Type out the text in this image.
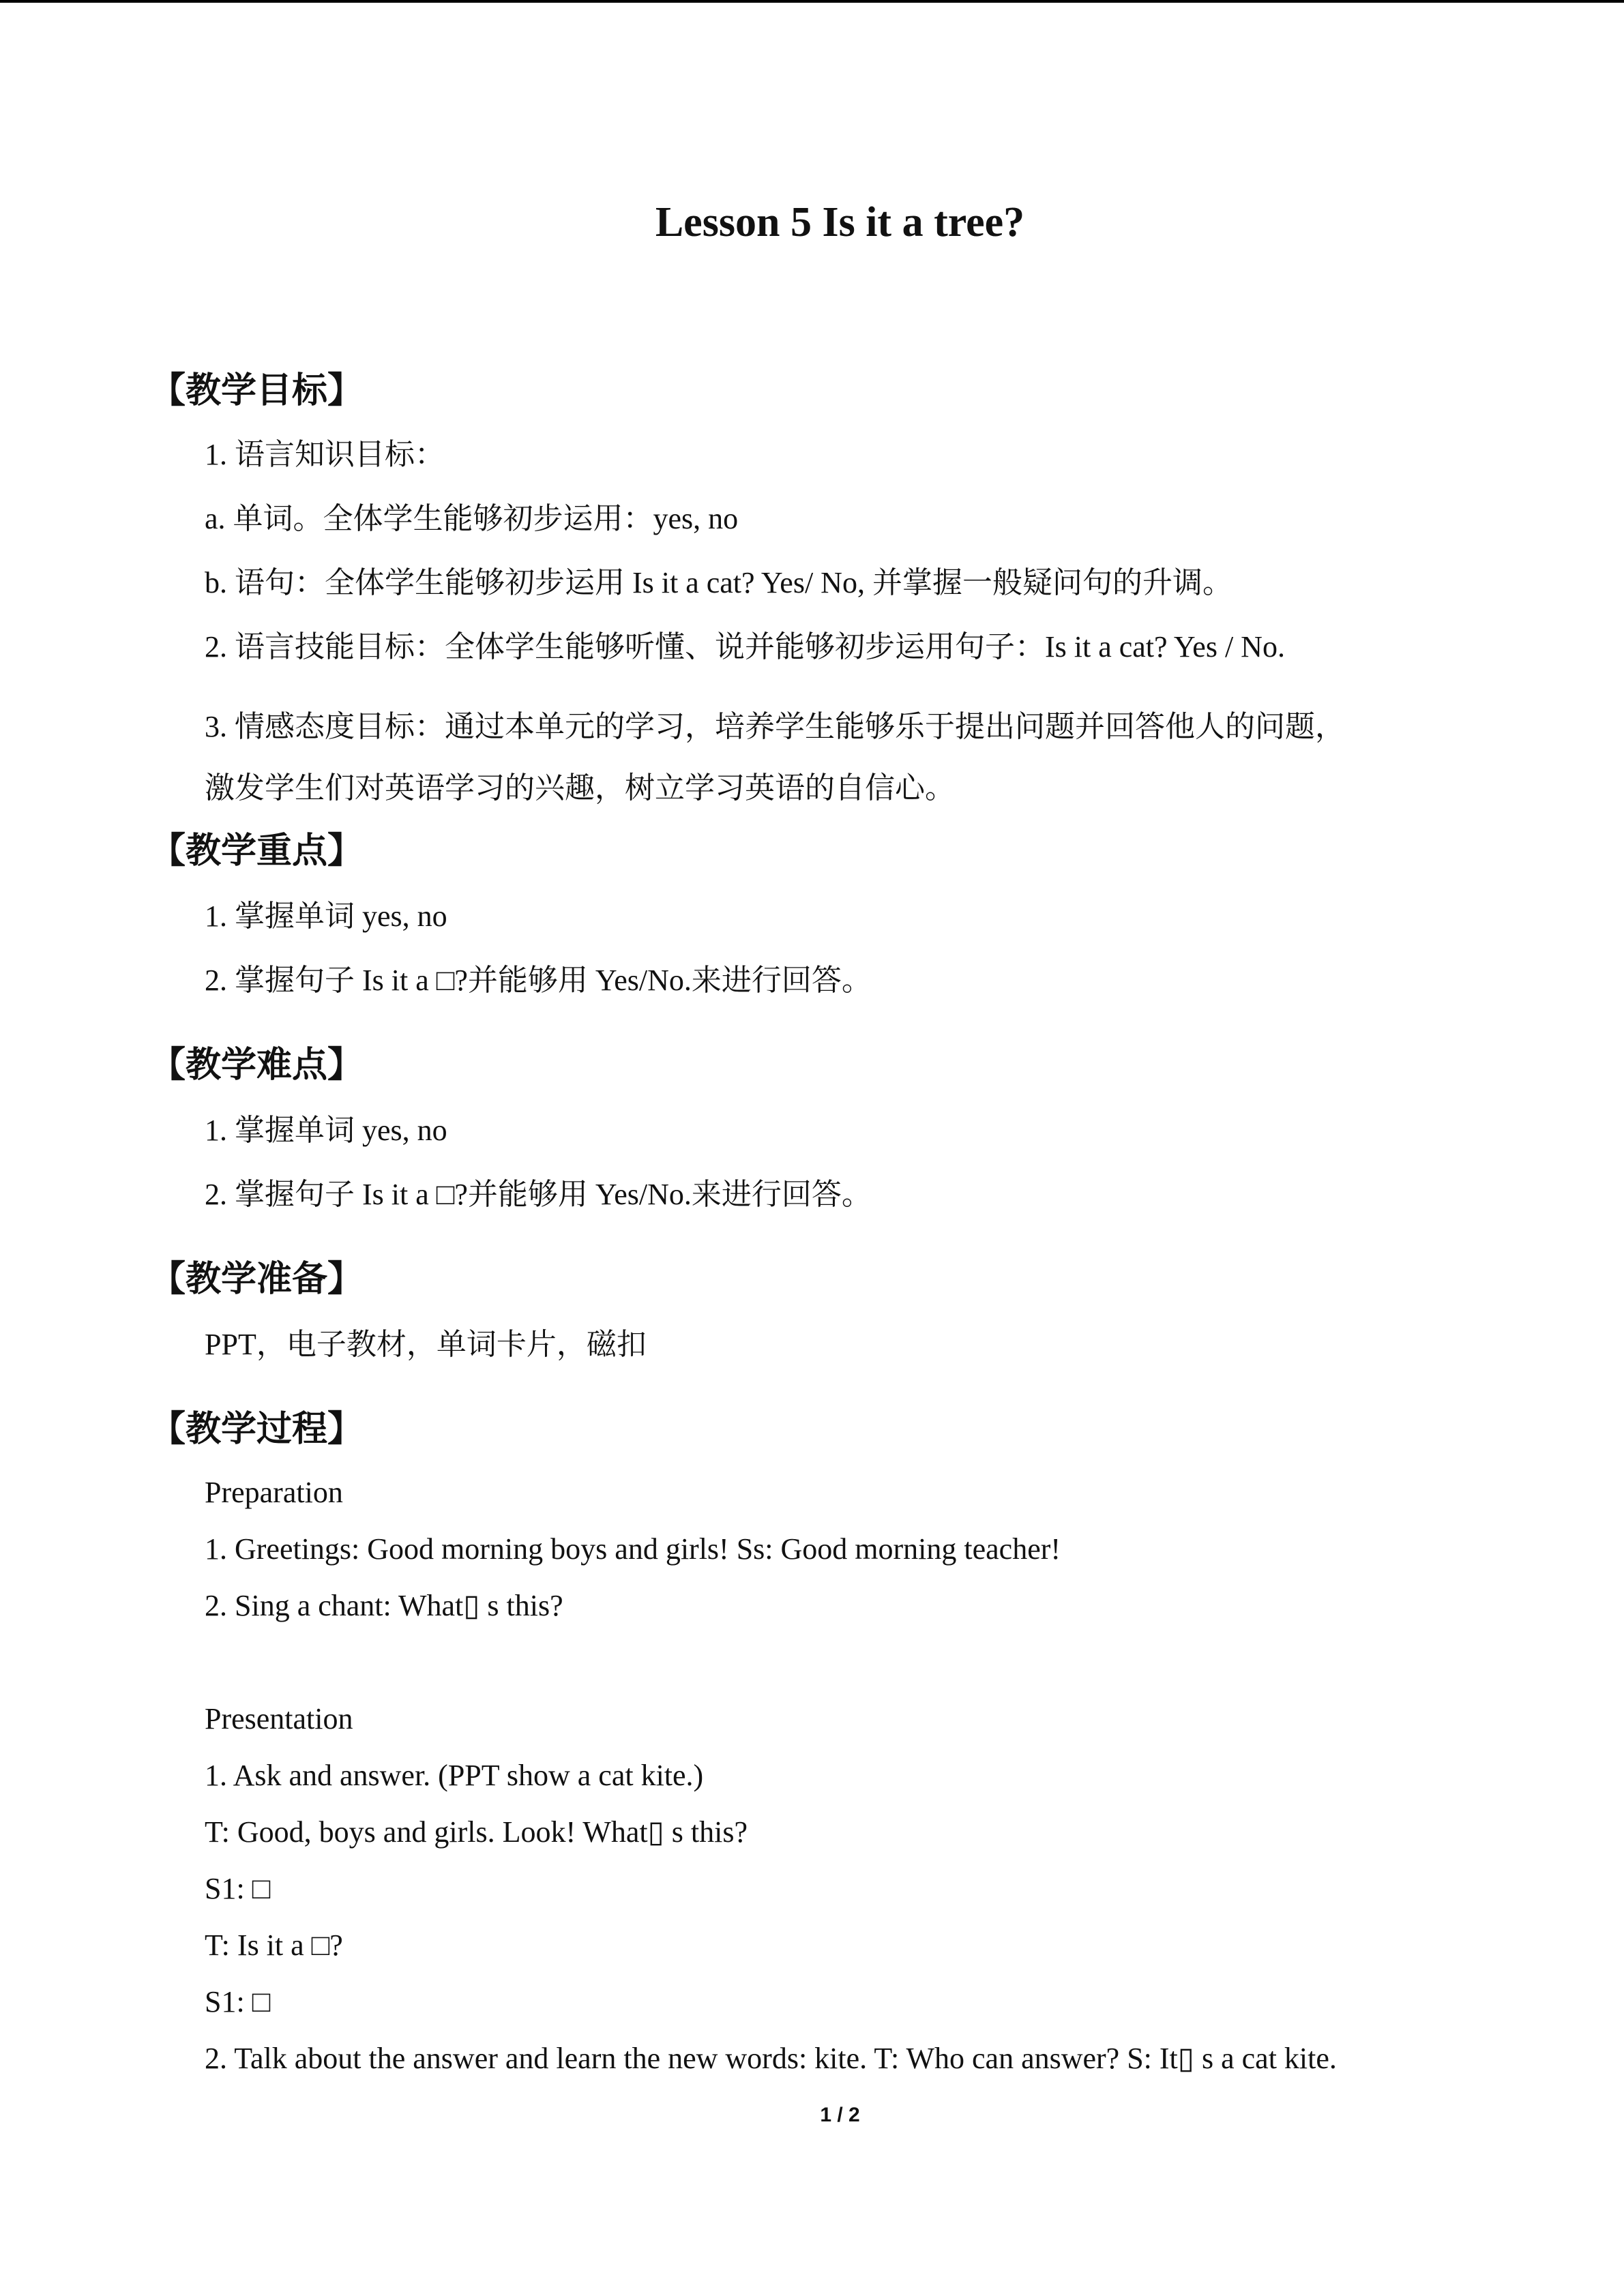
Lesson 5 Is it a tree?
【教学目标】
1. 语言知识目标：
a. 单词。全体学生能够初步运用：yes, no
b. 语句：全体学生能够初步运用 Is it a cat? Yes/ No, 并掌握一般疑问句的升调。
2. 语言技能目标：全体学生能够听懂、说并能够初步运用句子：Is it a cat? Yes / No.
3. 情感态度目标：通过本单元的学习，培养学生能够乐于提出问题并回答他人的问题，
激发学生们对英语学习的兴趣，树立学习英语的自信心。
【教学重点】
1. 掌握单词 yes, no
2. 掌握句子 Is it a □?并能够用 Yes/No.来进行回答。
【教学难点】
1. 掌握单词 yes, no
2. 掌握句子 Is it a □?并能够用 Yes/No.来进行回答。
【教学准备】
PPT，电子教材，单词卡片，磁扣
【教学过程】
Preparation
1. Greetings: Good morning boys and girls! Ss: Good morning teacher!
2. Sing a chant: What▯ s this?
Presentation
1. Ask and answer. (PPT show a cat kite.)
T: Good, boys and girls. Look! What▯ s this?
S1: □
T: Is it a □?
S1: □
2. Talk about the answer and learn the new words: kite. T: Who can answer? S: It▯ s a cat kite.
1 / 2
